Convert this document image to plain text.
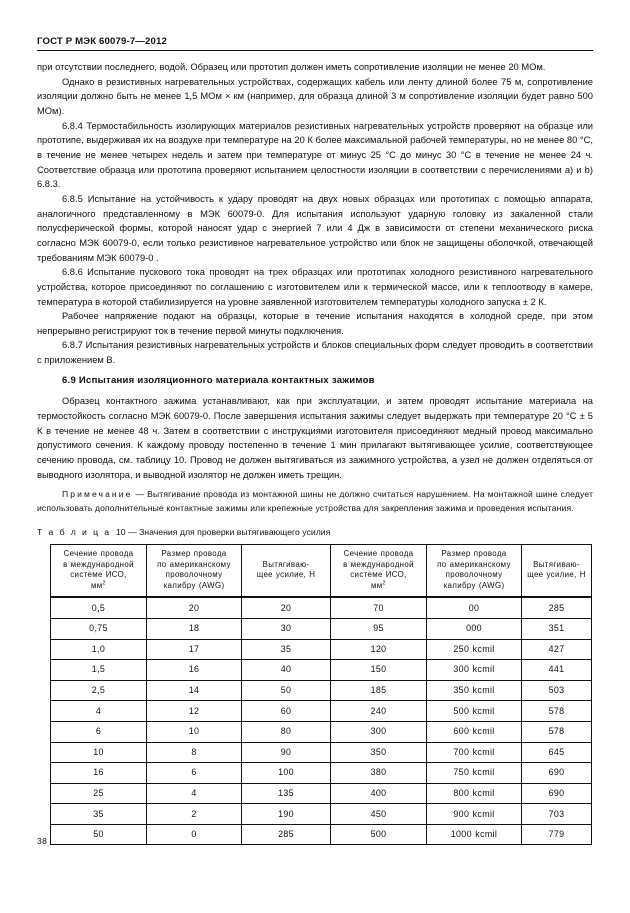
ГОСТ Р МЭК 60079-7—2012

при отсутствии последнего, водой. Образец или прототип должен иметь сопротивление изоляции не менее 20 МОм.

Однако в резистивных нагревательных устройствах, содержащих кабель или ленту длиной более 75 м, сопротивление изоляции должно быть не менее 1,5 МОм × км (например, для образца длиной 3 м сопротивление изоляции будет равно 500 МОм).

6.8.4 Термостабильность изолирующих материалов резистивных нагревательных устройств проверяют на образце или прототипе, выдерживая их на воздухе при температуре на 20 К более максимальной рабочей температуры, но не менее 80 °С, в течение не менее четырех недель и затем при температуре от минус 25 °С до минус 30 °С в течение не менее 24 ч. Соответствие образца или прототипа проверяют испытанием целостности изоляции в соответствии с перечислениями a) и b) 6.8.3.

6.8.5 Испытание на устойчивость к удару проводят на двух новых образцах или прототипах с помощью аппарата, аналогичного представленному в МЭК 60079-0. Для испытания используют ударную головку из закаленной стали полусферической формы, которой наносят удар с энергией 7 или 4 Дж в зависимости от степени механического риска согласно МЭК 60079-0, если только резистивное нагревательное устройство или блок не защищены оболочкой, отвечающей требованиям МЭК 60079-0 .

6.8.6 Испытание пускового тока проводят на трех образцах или прототипах холодного резистивного нагревательного устройства, которое присоединяют по соглашению с изготовителем или к термической массе, или к теплоотводу в камере, температура в которой стабилизируется на уровне заявленной изготовителем температуры холодного запуска ± 2 К.

Рабочее напряжение подают на образцы, которые в течение испытания находятся в холодной среде, при этом непрерывно регистрируют ток в течение первой минуты подключения.

6.8.7 Испытания резистивных нагревательных устройств и блоков специальных форм следует проводить в соответствии с приложением В.

6.9 Испытания изоляционного материала контактных зажимов

Образец контактного зажима устанавливают, как при эксплуатации, и затем проводят испытание материала на термостойкость согласно МЭК 60079-0. После завершения испытания зажимы следует выдержать при температуре 20 °С ± 5 К в течение не менее 48 ч. Затем в соответствии с инструкциями изготовителя присоединяют медный провод максимально допустимого сечения. К каждому проводу постепенно в течение 1 мин прилагают вытягивающее усилие, соответствующее сечению провода, см. таблицу 10. Провод не должен вытягиваться из зажимного устройства, а узел не должен отделяться от выводного изолятора, и выводной изолятор не должен иметь трещин.

Примечание — Вытягивание провода из монтажной шины не должно считаться нарушением. На монтажной шине следует использовать дополнительные контактные зажимы или крепежные устройства для закрепления зажима и проведения испытания.

Т а б л и ц а 10 — Значения для проверки вытягивающего усилия

Сечение провода
в международной
системе ИСО,
$мм^2$	Размер провода
по американскому
проволочному
калибру (AWG)	Вытягиваю-
щее усилие, Н	Сечение провода
в международной
системе ИСО,
$мм^2$	Размер провода
по американскому
проволочному
калибру (AWG)	Вытягиваю-
щее усилие, Н
0,5	20	20	70	00	285
0,75	18	30	95	000	351
1,0	17	35	120	250 kcmil	427
1,5	16	40	150	300 kcmil	441
2,5	14	50	185	350 kcmil	503
4	12	60	240	500 kcmil	578
6	10	80	300	600 kcmil	578
10	8	90	350	700 kcmil	645
16	6	100	380	750 kcmil	690
25	4	135	400	800 kcmil	690
35	2	190	450	900 kcmil	703
50	0	285	500	1000 kcmil	779
38
